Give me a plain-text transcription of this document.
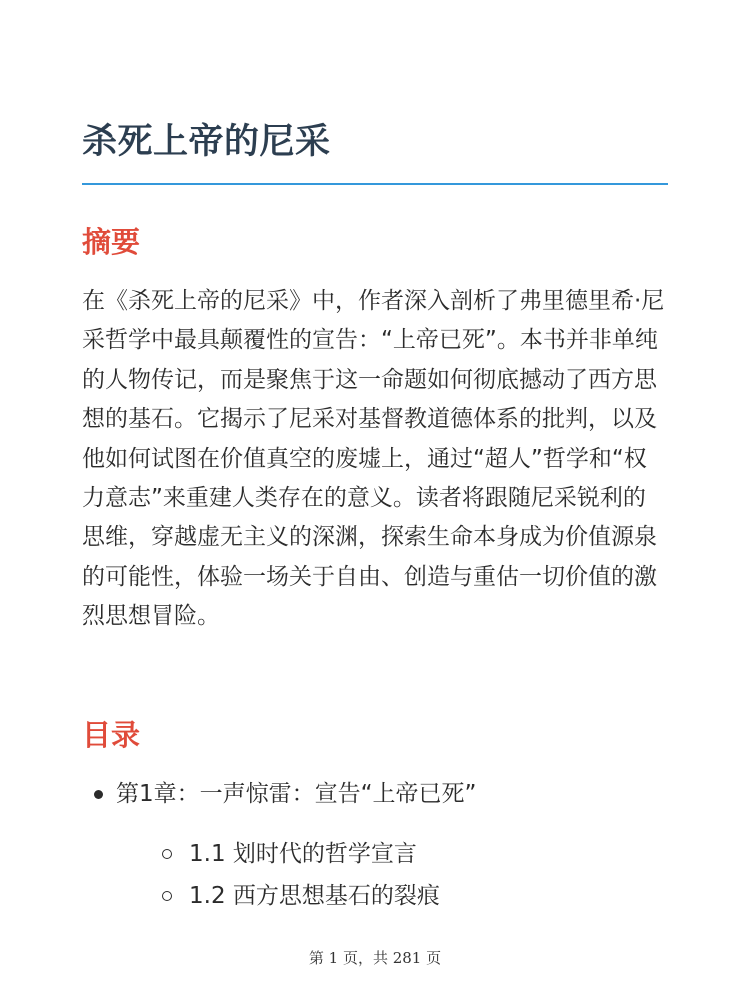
杀死上帝的尼采
摘要

在《杀死上帝的尼采》中，作者深入剖析了弗里德里希·尼采哲学中最具颠覆性的宣告：“上帝已死”。本书并非单纯的人物传记，而是聚焦于这一命题如何彻底撼动了西方思想的基石。它揭示了尼采对基督教道德体系的批判，以及他如何试图在价值真空的废墟上，通过“超人”哲学和“权力意志”来重建人类存在的意义。读者将跟随尼采锐利的思维，穿越虚无主义的深渊，探索生命本身成为价值源泉的可能性，体验一场关于自由、创造与重估一切价值的激烈思想冒险。

目录
第1章：一声惊雷：宣告“上帝已死”
1.1 划时代的哲学宣言
1.2 西方思想基石的裂痕
第 1 页，共 281 页
